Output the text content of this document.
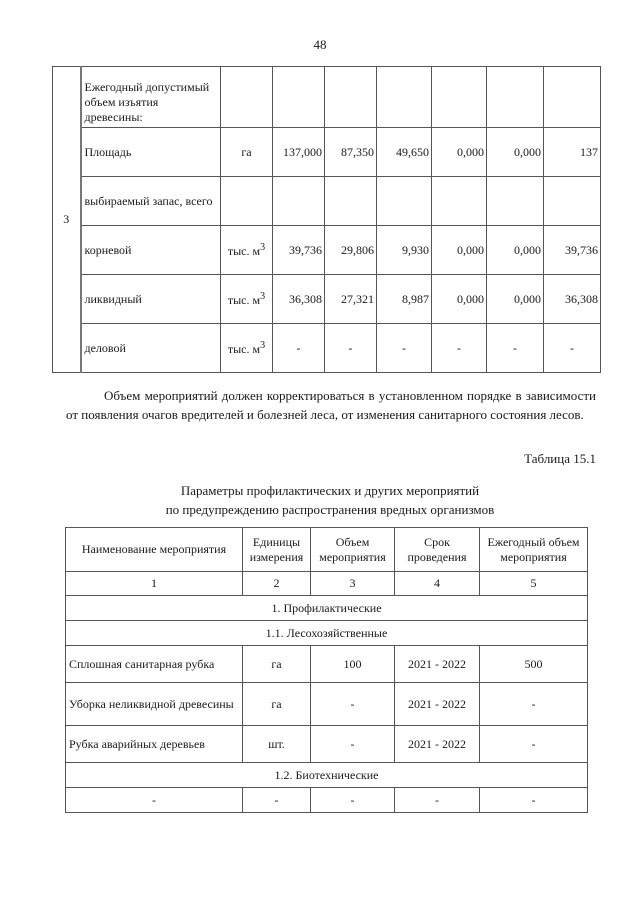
48
3	Ежегодный допустимый объем изъятия древесины:							
	Площадь	га	137,000	87,350	49,650	0,000	0,000	137
	выбираемый запас, всего							
	корневой	тыс. $м^3$	39,736	29,806	9,930	0,000	0,000	39,736
	ликвидный	тыс. $м^3$	36,308	27,321	8,987	0,000	0,000	36,308
	деловой	тыс. $м^3$	-	-	-	-	-	-
Объем мероприятий должен корректироваться в установленном порядке в зависимости от появления очагов вредителей и болезней леса, от изменения санитарного состояния лесов.
Таблица 15.1
Параметры профилактических и других мероприятий
по предупреждению распространения вредных организмов
Наименование мероприятия	Единицы измерения	Объем мероприятия	Срок проведения	Ежегодный объем мероприятия
1	2	3	4	5
1. Профилактические				
1.1. Лесохозяйственные				
Сплошная санитарная рубка	га	100	2021 - 2022	500
Уборка неликвидной древесины	га	-	2021 - 2022	-
Рубка аварийных деревьев	шт.	-	2021 - 2022	-
1.2. Биотехнические				
-	-	-	-	-
